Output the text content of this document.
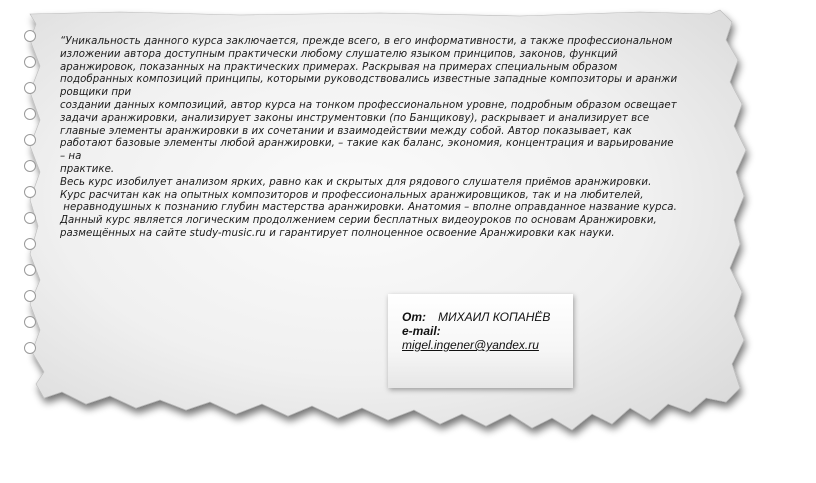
“Уникальность данного курса заключается, прежде всего, в его информативности, а также профессиональном
изложении автора доступным практически любому слушателю языком принципов, законов, функций
аранжировок, показанных на практических примерах. Раскрывая на примерах специальным образом
подобранных композиций принципы, которыми руководствовались известные западные композиторы и аранжи
ровщики при
создании данных композиций, автор курса на тонком профессиональном уровне, подробным образом освещает
задачи аранжировки, анализирует законы инструментовки (по Банщикову), раскрывает и анализирует все
главные элементы аранжировки в их сочетании и взаимодействии между собой. Автор показывает, как
работают базовые элементы любой аранжировки, – такие как баланс, экономия, концентрация и варьирование
– на
практике.
Весь курс изобилует анализом ярких, равно как и скрытых для рядового слушателя приёмов аранжировки.
Курс расчитан как на опытных композиторов и профессиональных аранжировщиков, так и на любителей,
неравнодушных к познанию глубин мастерства аранжировки. Анатомия – вполне оправданное название курса.
Данный курс является логическим продолжением серии бесплатных видеоуроков по основам Аранжировки,
размещённых на сайте study-music.ru и гарантирует полноценное освоение Аранжировки как науки.
От: МИХАИЛ КОПАНЁВ
e-mail:
migel.ingener@yandex.ru
